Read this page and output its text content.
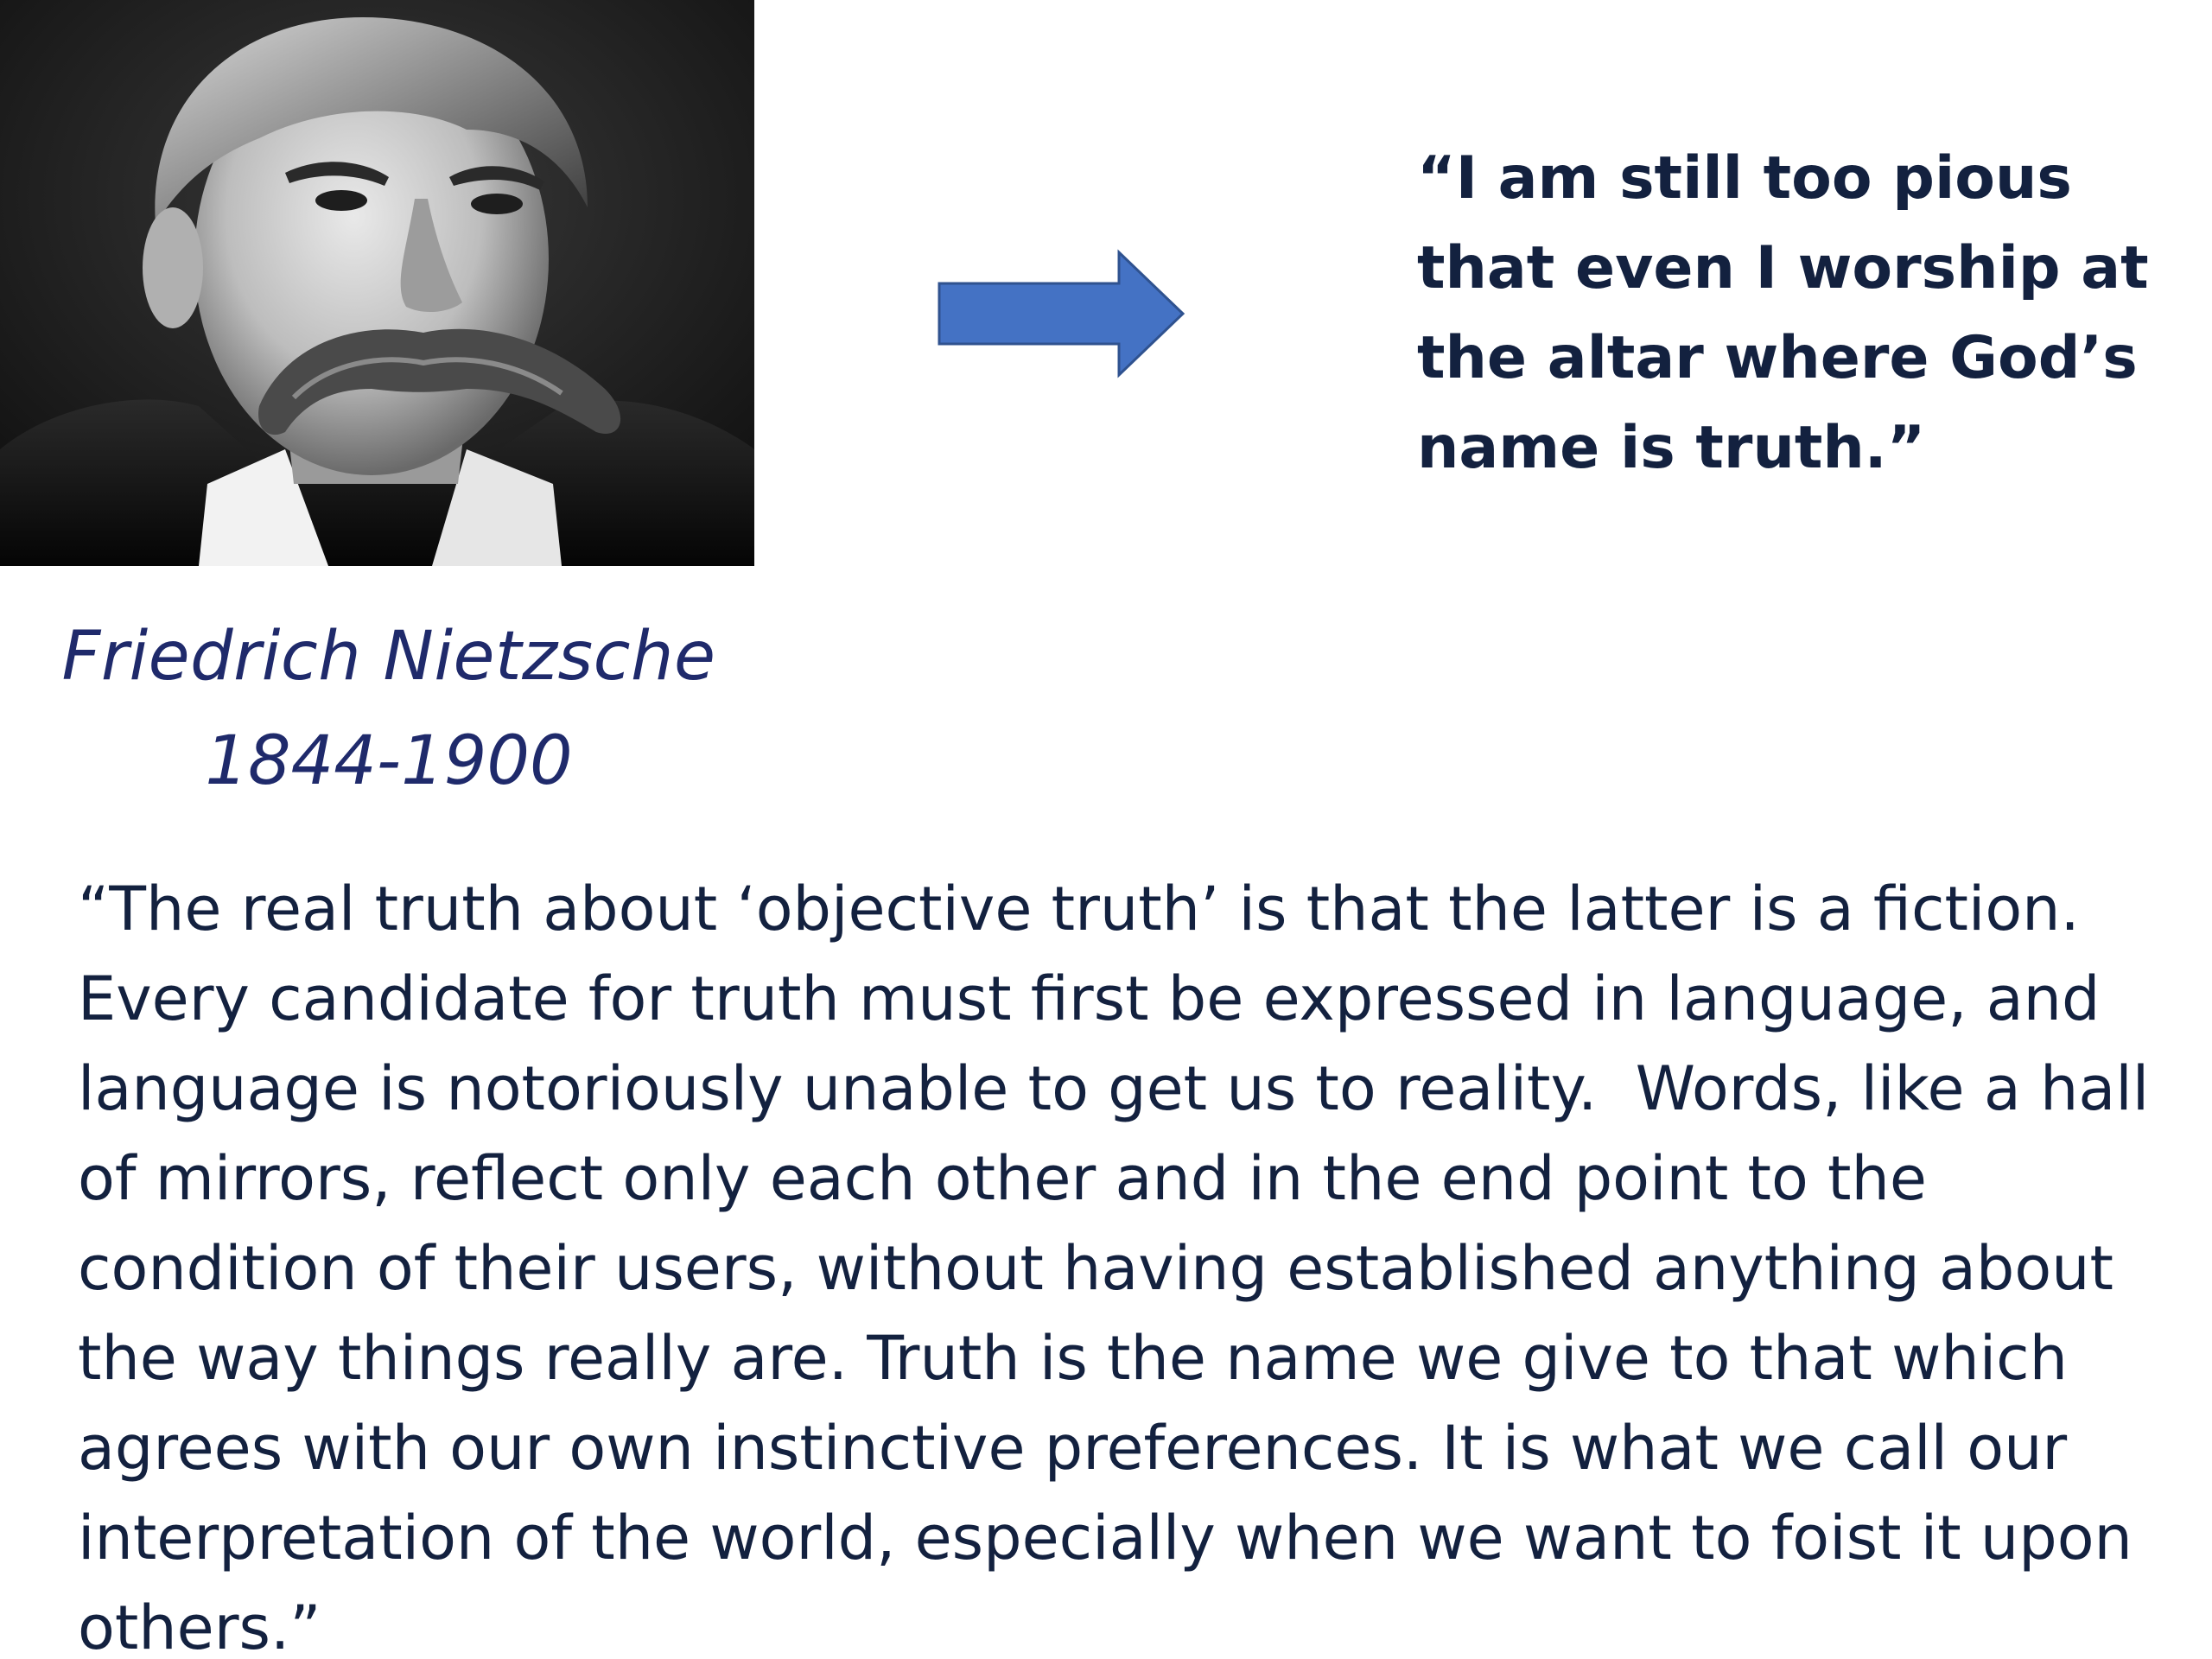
Friedrich Nietzsche
1844-1900
“I am still too pious
that even I worship at
the altar where God’s
name is truth.”
“The real truth about ‘objective truth’ is that the latter is a fiction.
Every candidate for truth must first be expressed in language, and
language is notoriously unable to get us to reality.  Words, like a hall
of mirrors, reflect only each other and in the end point to the
condition of their users, without having established anything about
the way things really are. Truth is the name we give to that which
agrees with our own instinctive preferences. It is what we call our
interpretation of the world, especially when we want to foist it upon
others.”
